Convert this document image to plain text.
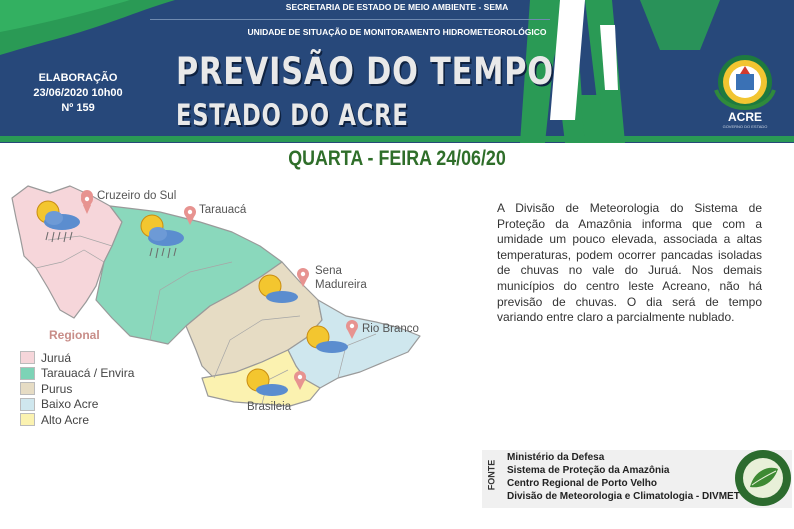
SECRETARIA DE ESTADO DE MEIO AMBIENTE - SEMA
UNIDADE DE SITUAÇÃO DE MONITORAMENTO HIDROMETEOROLÓGICO
ELABORAÇÃO
23/06/2020 10h00
Nº 159
PREVISÃO DO TEMPO
ESTADO DO ACRE	ACRE
GOVERNO DO ESTADO
QUARTA - FEIRA 24/06/20
Cruzeiro do Sul
Tarauacá
Sena
Madureira
Rio Branco
Brasileia
Regional
Juruá
Tarauacá / Envira
Purus
Baixo Acre
Alto Acre
A Divisão de Meteorologia do Sistema de Proteção da Amazônia informa que com a umidade um pouco elevada, associada a altas temperaturas, podem ocorrer pancadas isoladas de chuvas no vale do Juruá. Nos demais municípios do centro leste Acreano, não há previsão de chuvas. O dia será de tempo variando entre claro a parcialmente nublado.
FONTE
Ministério da Defesa
Sistema de Proteção da Amazônia
Centro Regional de Porto Velho
Divisão de Meteorologia e Climatologia - DIVMET
